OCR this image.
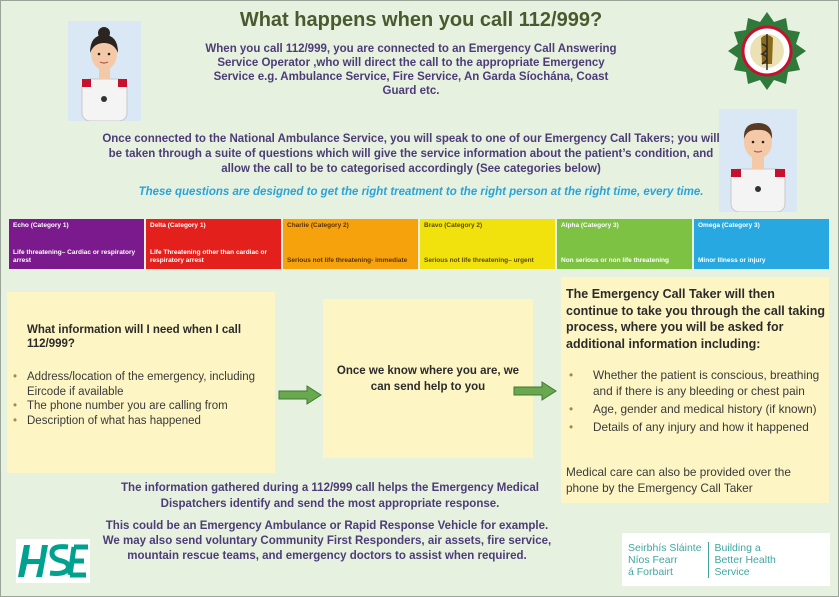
What happens when you call 112/999?
When you call 112/999, you are connected to an Emergency Call Answering Service Operator ,who will direct the call to the appropriate Emergency Service e.g. Ambulance Service, Fire Service, An Garda Síochána, Coast Guard etc.
Once connected to the National Ambulance Service, you will speak to one of our Emergency Call Takers; you will be taken through a suite of questions which will give the service information about the patient’s condition, and allow the call to be to categorised accordingly (See categories below)
These questions are designed to get the right treatment to the right person at the right time, every time.
Echo (Category 1)
Life threatening– Cardiac or respiratory arrest
Delta (Category 1)
Life Threatening other than cardiac or respiratory arrest
Charlie (Category 2)
Serious not life threatening- immediate
Bravo (Category 2)
Serious not life threatening– urgent
Alpha (Category 3)
Non serious or non life threatening
Omega (Category 3)
Minor Illness or injury
What information will I need when I call 112/999?
• Address/location of the emergency, including Eircode if available
• The phone number you are calling from
• Description of what has happened

Once we know where you are, we can send help to you

The Emergency Call Taker will then continue to take you through the call taking process, where you will be asked for additional information including:
• Whether the patient is conscious, breathing and if there is any bleeding or chest pain
• Age, gender and medical history (if known)
• Details of any injury and how it happened
Medical care can also be provided over the phone by the Emergency Call Taker
The information gathered during a 112/999 call helps the Emergency Medical Dispatchers identify and send the most appropriate response.
This could be an Emergency Ambulance or Rapid Response Vehicle for example. We may also send voluntary Community First Responders, air assets, fire service, mountain rescue teams, and emergency doctors to assist when required.
Seirbhís Sláinte
Níos Fearr
á Forbairt
Building a
Better Health
Service
